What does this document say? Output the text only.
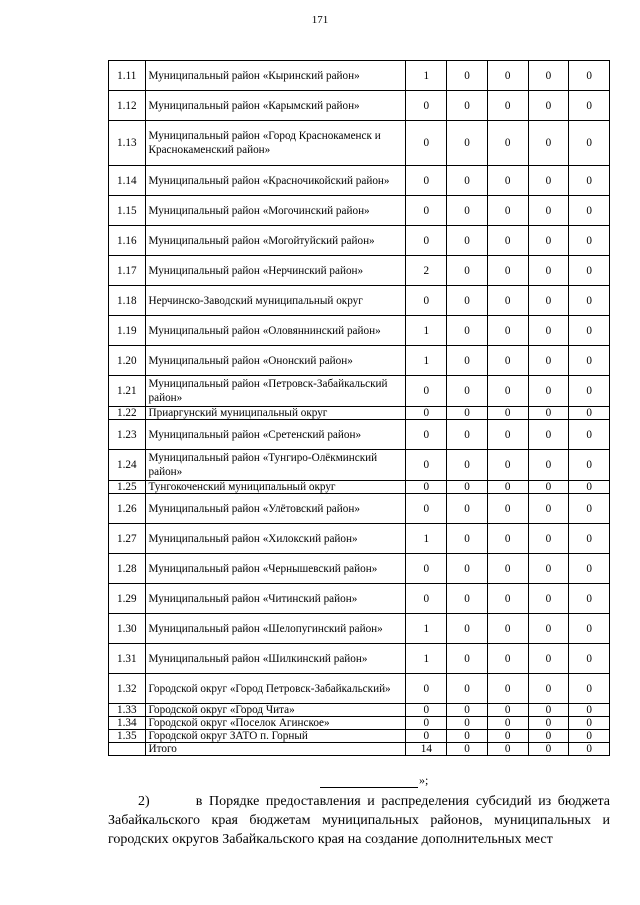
171
1.11	Муниципальный район «Кыринский район»	1	0	0	0	0
1.12	Муниципальный район «Карымский район»	0	0	0	0	0
1.13	Муниципальный район «Город Краснокаменск и Краснокаменский район»	0	0	0	0	0
1.14	Муниципальный район «Красночикойский район»	0	0	0	0	0
1.15	Муниципальный район «Могочинский район»	0	0	0	0	0
1.16	Муниципальный район «Могойтуйский район»	0	0	0	0	0
1.17	Муниципальный район «Нерчинский район»	2	0	0	0	0
1.18	Нерчинско-Заводский муниципальный округ	0	0	0	0	0
1.19	Муниципальный район «Оловяннинский район»	1	0	0	0	0
1.20	Муниципальный район «Ононский район»	1	0	0	0	0
1.21	Муниципальный район «Петровск-Забайкальский район»	0	0	0	0	0
1.22	Приаргунский муниципальный округ	0	0	0	0	0
1.23	Муниципальный район «Сретенский район»	0	0	0	0	0
1.24	Муниципальный район «Тунгиро-Олёкминский район»	0	0	0	0	0
1.25	Тунгокоченский муниципальный округ	0	0	0	0	0
1.26	Муниципальный район «Улётовский район»	0	0	0	0	0
1.27	Муниципальный район «Хилокский район»	1	0	0	0	0
1.28	Муниципальный район «Чернышевский район»	0	0	0	0	0
1.29	Муниципальный район «Читинский район»	0	0	0	0	0
1.30	Муниципальный район «Шелопугинский район»	1	0	0	0	0
1.31	Муниципальный район «Шилкинский район»	1	0	0	0	0
1.32	Городской округ «Город Петровск-Забайкальский»	0	0	0	0	0
1.33	Городской округ «Город Чита»	0	0	0	0	0
1.34	Городской округ «Поселок Агинское»	0	0	0	0	0
1.35	Городской округ ЗАТО п. Горный	0	0	0	0	0
	Итого	14	0	0	0	0
»;
2)	в Порядке предоставления и распределения субсидий из бюджета Забайкальского края бюджетам муниципальных районов, муниципальных и городских округов Забайкальского края на создание дополнительных мест
